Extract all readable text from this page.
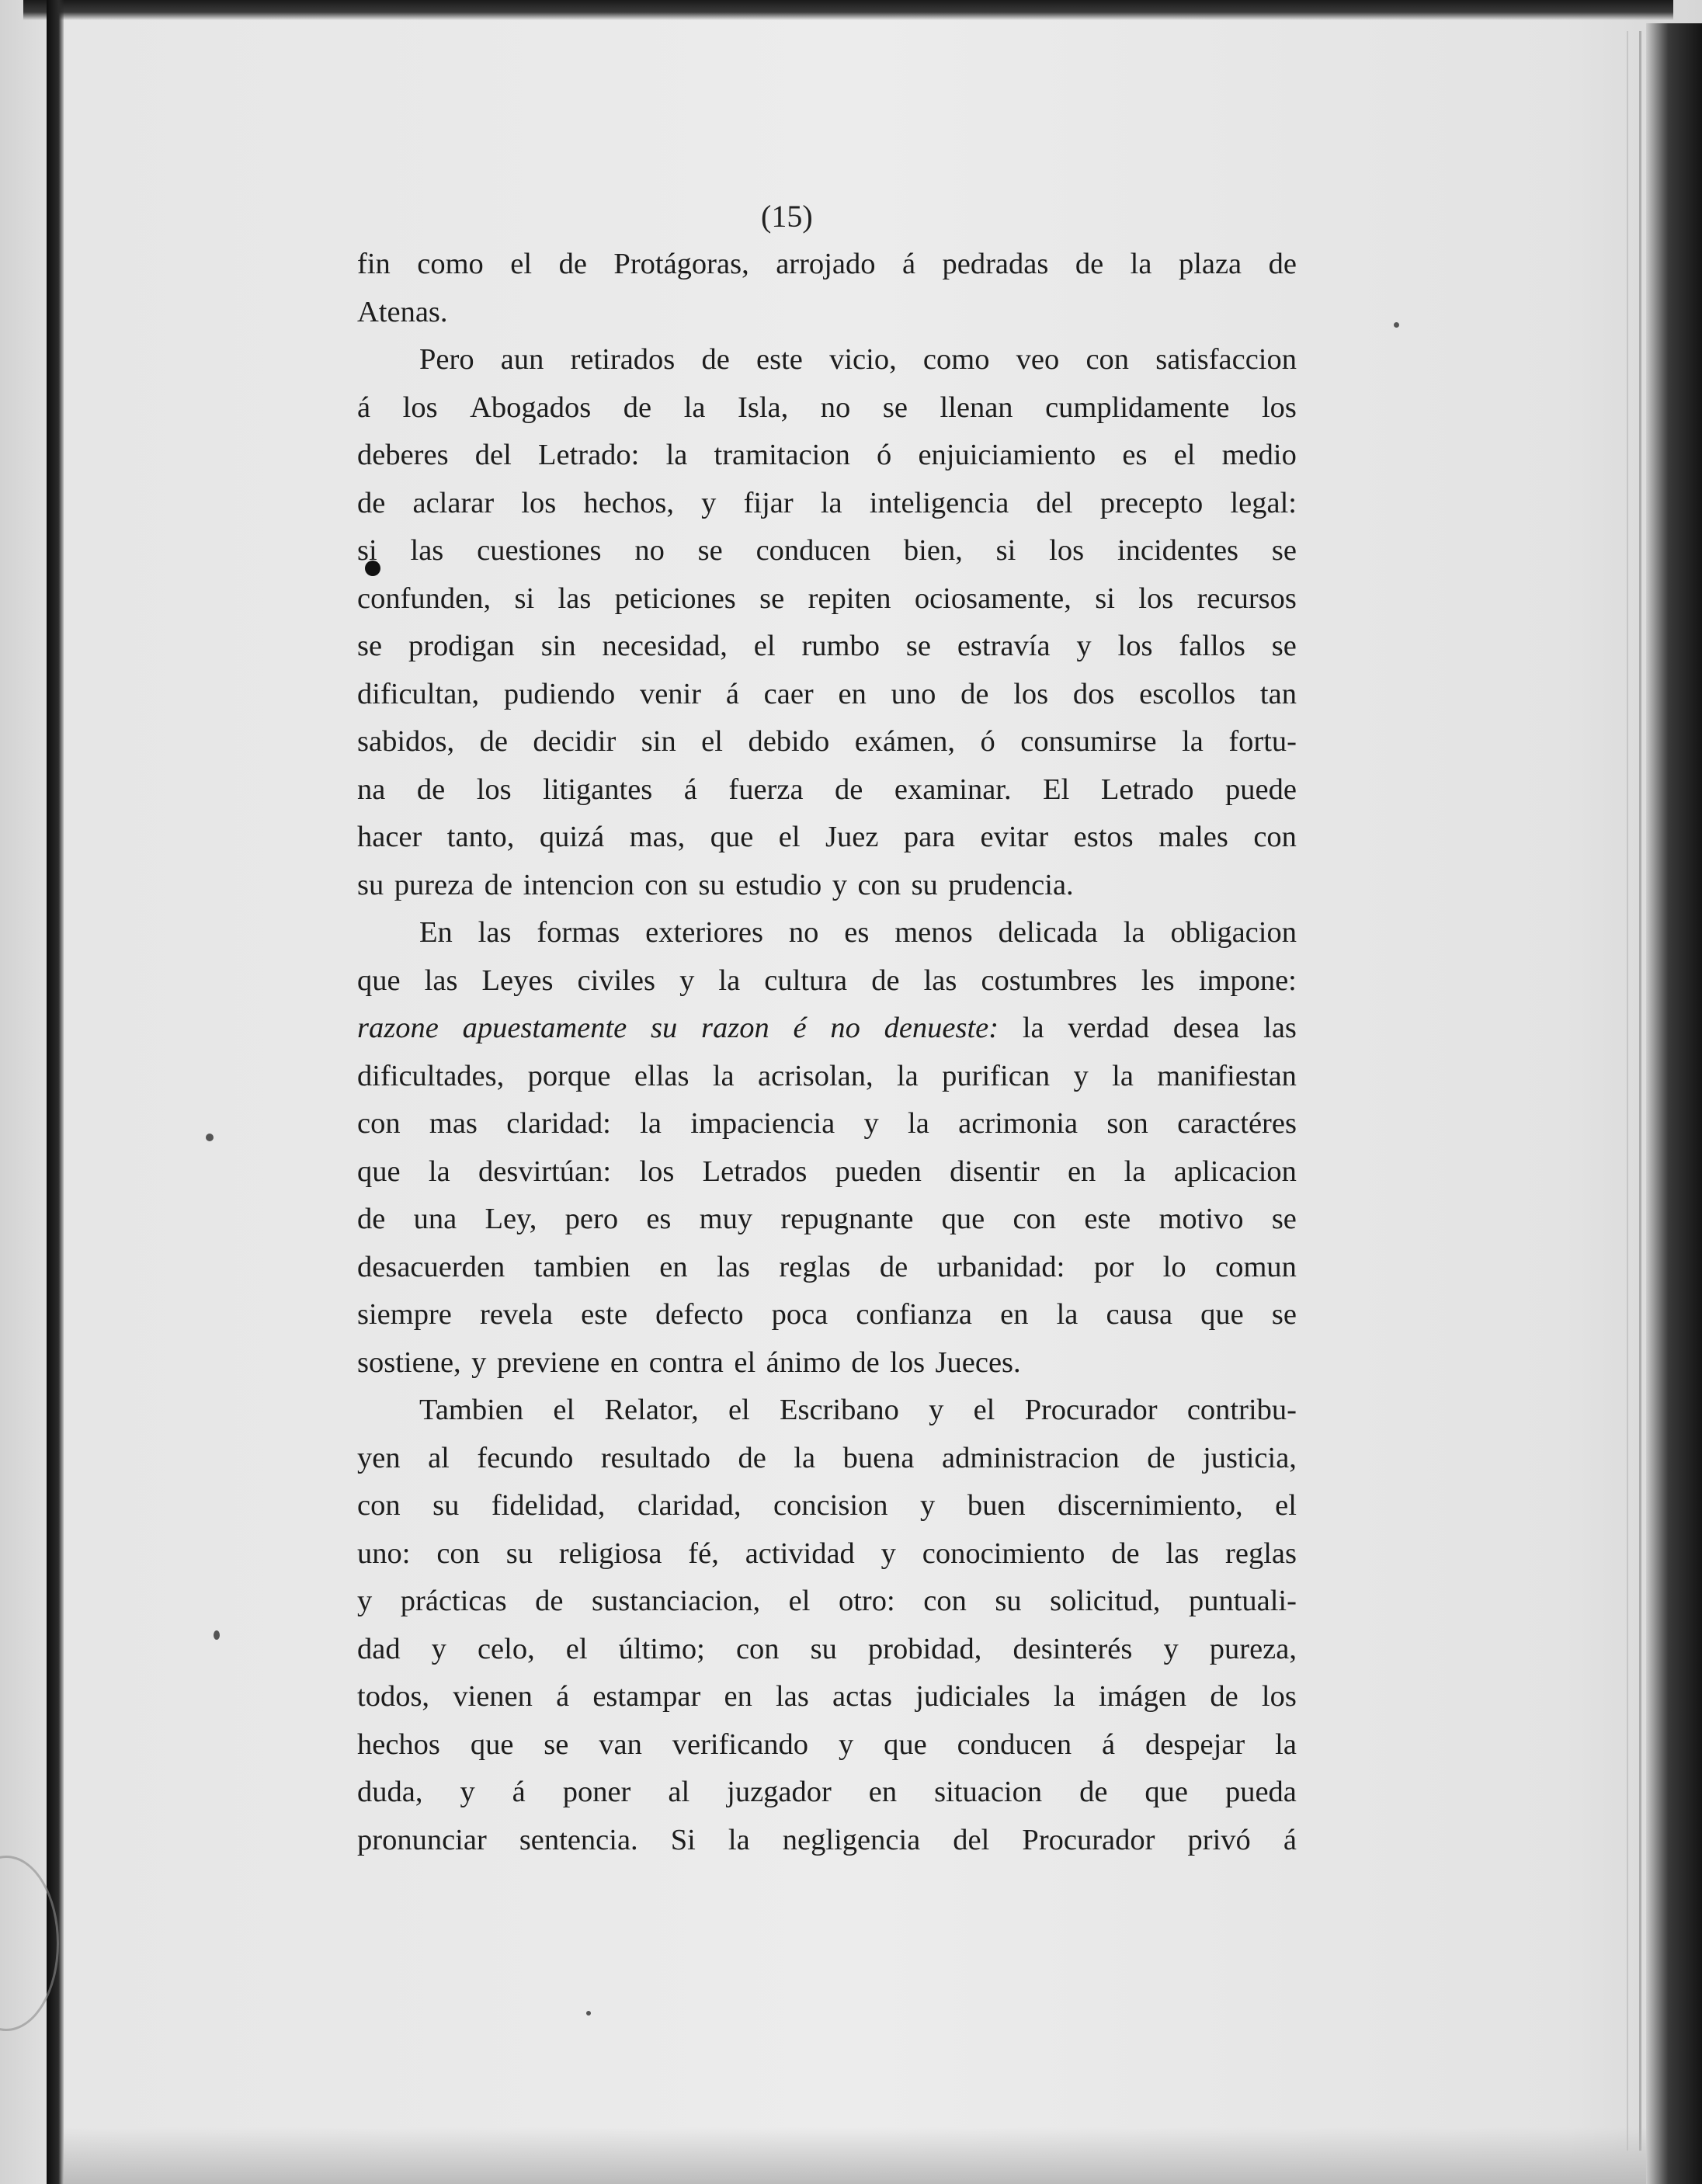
(15)
fin como el de Protágoras, arrojado á pedradas de la plaza de
Atenas.
Pero aun retirados de este vicio, como veo con satisfaccion
á los Abogados de la Isla, no se llenan cumplidamente los
deberes del Letrado: la tramitacion ó enjuiciamiento es el medio
de aclarar los hechos, y fijar la inteligencia del precepto legal:
si las cuestiones no se conducen bien, si los incidentes se
confunden, si las peticiones se repiten ociosamente, si los recursos
se prodigan sin necesidad, el rumbo se estravía y los fallos se
dificultan, pudiendo venir á caer en uno de los dos escollos tan
sabidos, de decidir sin el debido exámen, ó consumirse la fortu-
na de los litigantes á fuerza de examinar. El Letrado puede
hacer tanto, quizá mas, que el Juez para evitar estos males con
su pureza de intencion con su estudio y con su prudencia.
En las formas exteriores no es menos delicada la obligacion
que las Leyes civiles y la cultura de las costumbres les impone:
razone apuestamente su razon é no denueste: la verdad desea las
dificultades, porque ellas la acrisolan, la purifican y la manifiestan
con mas claridad: la impaciencia y la acrimonia son caractéres
que la desvirtúan: los Letrados pueden disentir en la aplicacion
de una Ley, pero es muy repugnante que con este motivo se
desacuerden tambien en las reglas de urbanidad: por lo comun
siempre revela este defecto poca confianza en la causa que se
sostiene, y previene en contra el ánimo de los Jueces.
Tambien el Relator, el Escribano y el Procurador contribu-
yen al fecundo resultado de la buena administracion de justicia,
con su fidelidad, claridad, concision y buen discernimiento, el
uno: con su religiosa fé, actividad y conocimiento de las reglas
y prácticas de sustanciacion, el otro: con su solicitud, puntuali-
dad y celo, el último; con su probidad, desinterés y pureza,
todos, vienen á estampar en las actas judiciales la imágen de los
hechos que se van verificando y que conducen á despejar la
duda, y á poner al juzgador en situacion de que pueda
pronunciar sentencia. Si la negligencia del Procurador privó á
